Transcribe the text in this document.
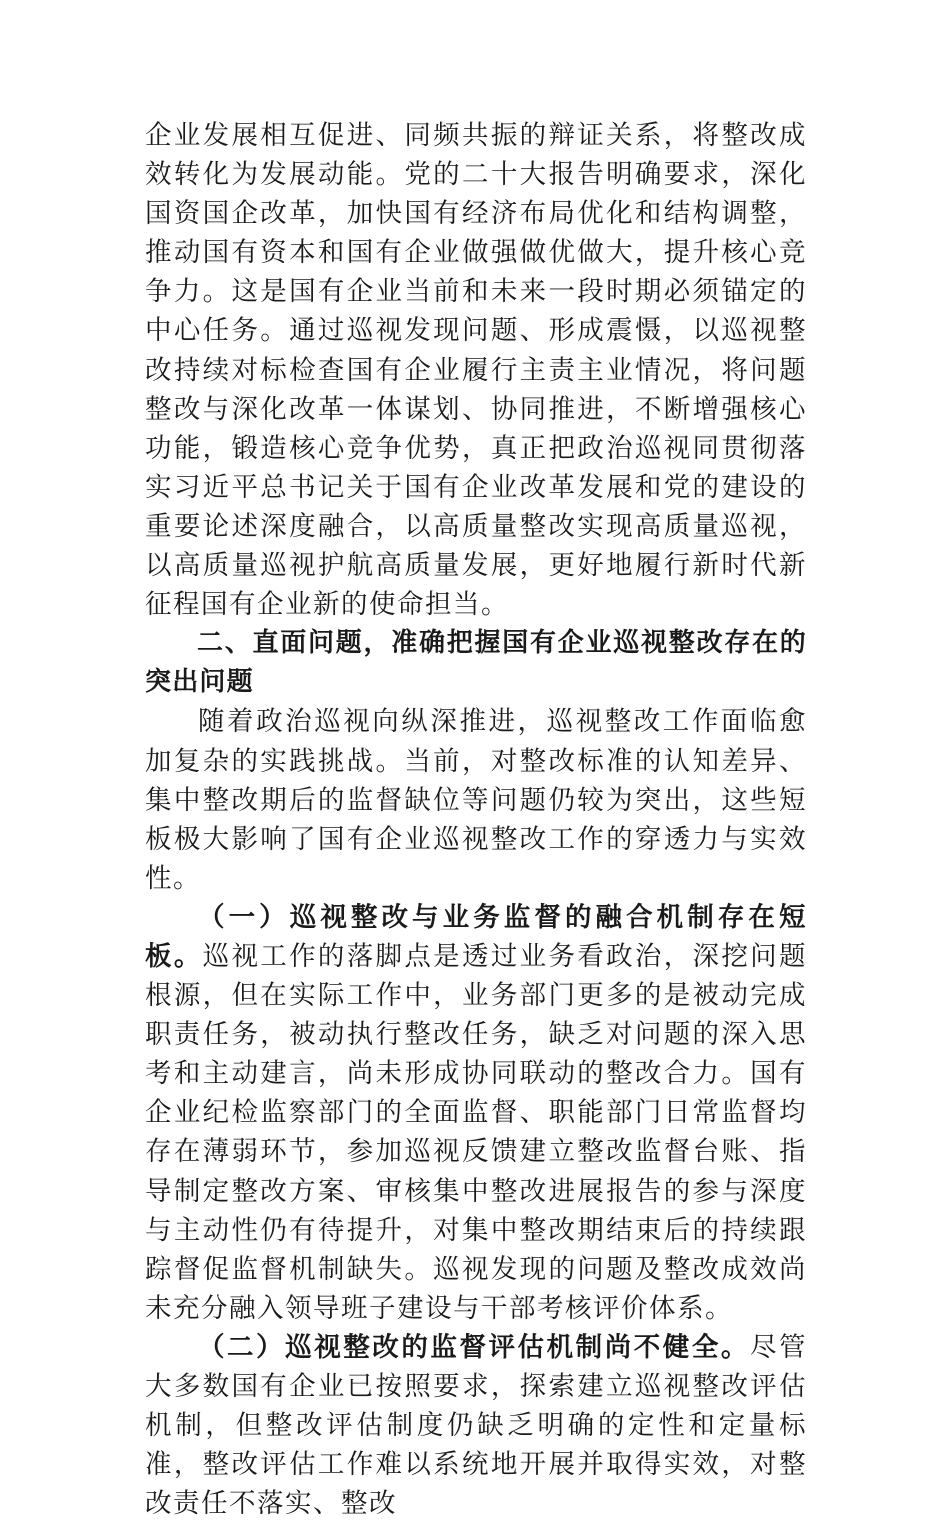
企业发展相互促进、同频共振的辩证关系，将整改成效转化为发展动能。党的二十大报告明确要求，深化国资国企改革，加快国有经济布局优化和结构调整，推动国有资本和国有企业做强做优做大，提升核心竞争力。这是国有企业当前和未来一段时期必须锚定的中心任务。通过巡视发现问题、形成震慑，以巡视整改持续对标检查国有企业履行主责主业情况，将问题整改与深化改革一体谋划、协同推进，不断增强核心功能，锻造核心竞争优势，真正把政治巡视同贯彻落实习近平总书记关于国有企业改革发展和党的建设的重要论述深度融合，以高质量整改实现高质量巡视，以高质量巡视护航高质量发展，更好地履行新时代新征程国有企业新的使命担当。

二、直面问题，准确把握国有企业巡视整改存在的突出问题

随着政治巡视向纵深推进，巡视整改工作面临愈加复杂的实践挑战。当前，对整改标准的认知差异、集中整改期后的监督缺位等问题仍较为突出，这些短板极大影响了国有企业巡视整改工作的穿透力与实效性。

（一）巡视整改与业务监督的融合机制存在短板。巡视工作的落脚点是透过业务看政治，深挖问题根源，但在实际工作中，业务部门更多的是被动完成职责任务，被动执行整改任务，缺乏对问题的深入思考和主动建言，尚未形成协同联动的整改合力。国有企业纪检监察部门的全面监督、职能部门日常监督均存在薄弱环节，参加巡视反馈建立整改监督台账、指导制定整改方案、审核集中整改进展报告的参与深度与主动性仍有待提升，对集中整改期结束后的持续跟踪督促监督机制缺失。巡视发现的问题及整改成效尚未充分融入领导班子建设与干部考核评价体系。

（二）巡视整改的监督评估机制尚不健全。尽管大多数国有企业已按照要求，探索建立巡视整改评估机制，但整改评估制度仍缺乏明确的定性和定量标准，整改评估工作难以系统地开展并取得实效，对整改责任不落实、整改
